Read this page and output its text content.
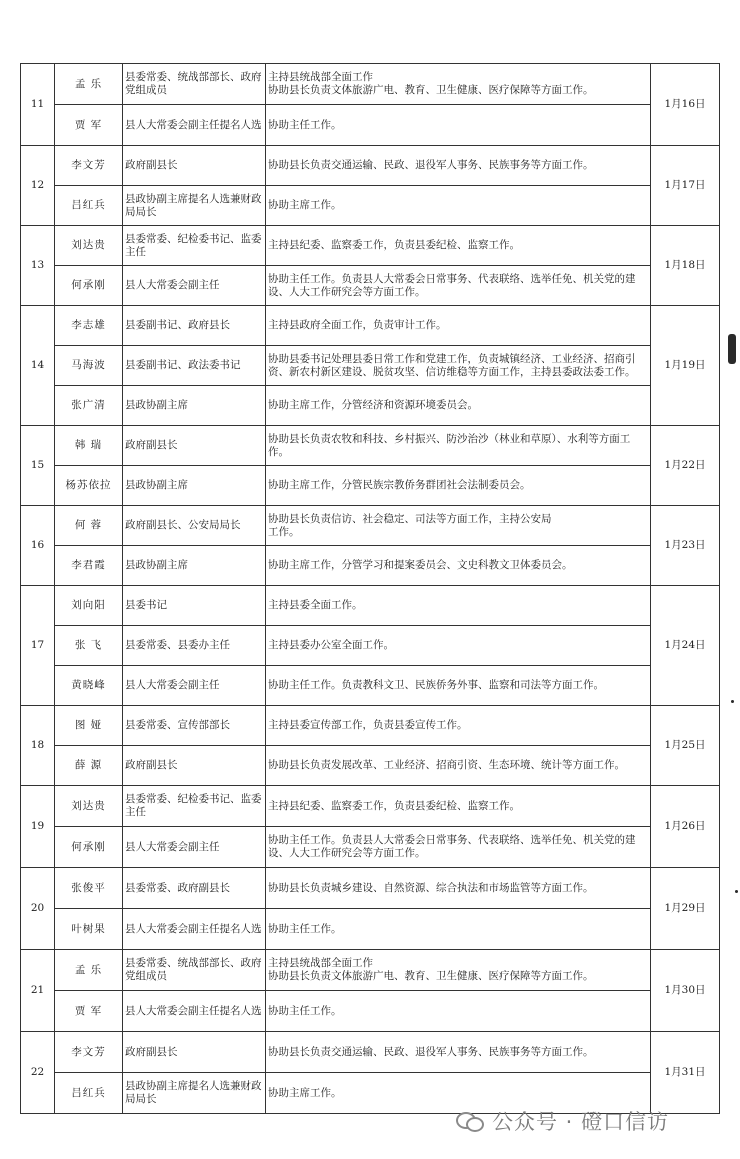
11	孟 乐	县委常委、统战部部长、政府党组成员	主持县统战部全面工作
协助县长负责文体旅游广电、教育、卫生健康、医疗保障等方面工作。	1月16日
	贾 军	县人大常委会副主任提名人选	协助主任工作。	
12	李文芳	政府副县长	协助县长负责交通运输、民政、退役军人事务、民族事务等方面工作。	1月17日
	吕红兵	县政协副主席提名人选兼财政局局长	协助主席工作。	
13	刘达贵	县委常委、纪检委书记、监委主任	主持县纪委、监察委工作，负责县委纪检、监察工作。	1月18日
	何承刚	县人大常委会副主任	协助主任工作。负责县人大常委会日常事务、代表联络、选举任免、机关党的建设、人大工作研究会等方面工作。	
14	李志雄	县委副书记、政府县长	主持县政府全面工作，负责审计工作。	1月19日
	马海波	县委副书记、政法委书记	协助县委书记处理县委日常工作和党建工作，负责城镇经济、工业经济、招商引资、新农村新区建设、脱贫攻坚、信访维稳等方面工作，主持县委政法委工作。	
	张广清	县政协副主席	协助主席工作，分管经济和资源环境委员会。	
15	韩 瑞	政府副县长	协助县长负责农牧和科技、乡村振兴、防沙治沙（林业和草原）、水利等方面工作。	1月22日
	杨苏依拉	县政协副主席	协助主席工作，分管民族宗教侨务群团社会法制委员会。	
16	何 蓉	政府副县长、公安局局长	协助县长负责信访、社会稳定、司法等方面工作，主持公安局
工作。	1月23日
	李君霞	县政协副主席	协助主席工作，分管学习和提案委员会、文史科教文卫体委员会。	
17	刘向阳	县委书记	主持县委全面工作。	1月24日
	张 飞	县委常委、县委办主任	主持县委办公室全面工作。	
	黄晓峰	县人大常委会副主任	协助主任工作。负责教科文卫、民族侨务外事、监察和司法等方面工作。	
18	图 娅	县委常委、宣传部部长	主持县委宣传部工作，负责县委宣传工作。	1月25日
	薛 源	政府副县长	协助县长负责发展改革、工业经济、招商引资、生态环境、统计等方面工作。	
19	刘达贵	县委常委、纪检委书记、监委主任	主持县纪委、监察委工作，负责县委纪检、监察工作。	1月26日
	何承刚	县人大常委会副主任	协助主任工作。负责县人大常委会日常事务、代表联络、选举任免、机关党的建设、人大工作研究会等方面工作。	
20	张俊平	县委常委、政府副县长	协助县长负责城乡建设、自然资源、综合执法和市场监管等方面工作。	1月29日
	叶树果	县人大常委会副主任提名人选	协助主任工作。	
21	孟 乐	县委常委、统战部部长、政府党组成员	主持县统战部全面工作
协助县长负责文体旅游广电、教育、卫生健康、医疗保障等方面工作。	1月30日
	贾 军	县人大常委会副主任提名人选	协助主任工作。	
22	李文芳	政府副县长	协助县长负责交通运输、民政、退役军人事务、民族事务等方面工作。	1月31日
	吕红兵	县政协副主席提名人选兼财政局局长	协助主席工作。	
公众号 · 磴口信访
